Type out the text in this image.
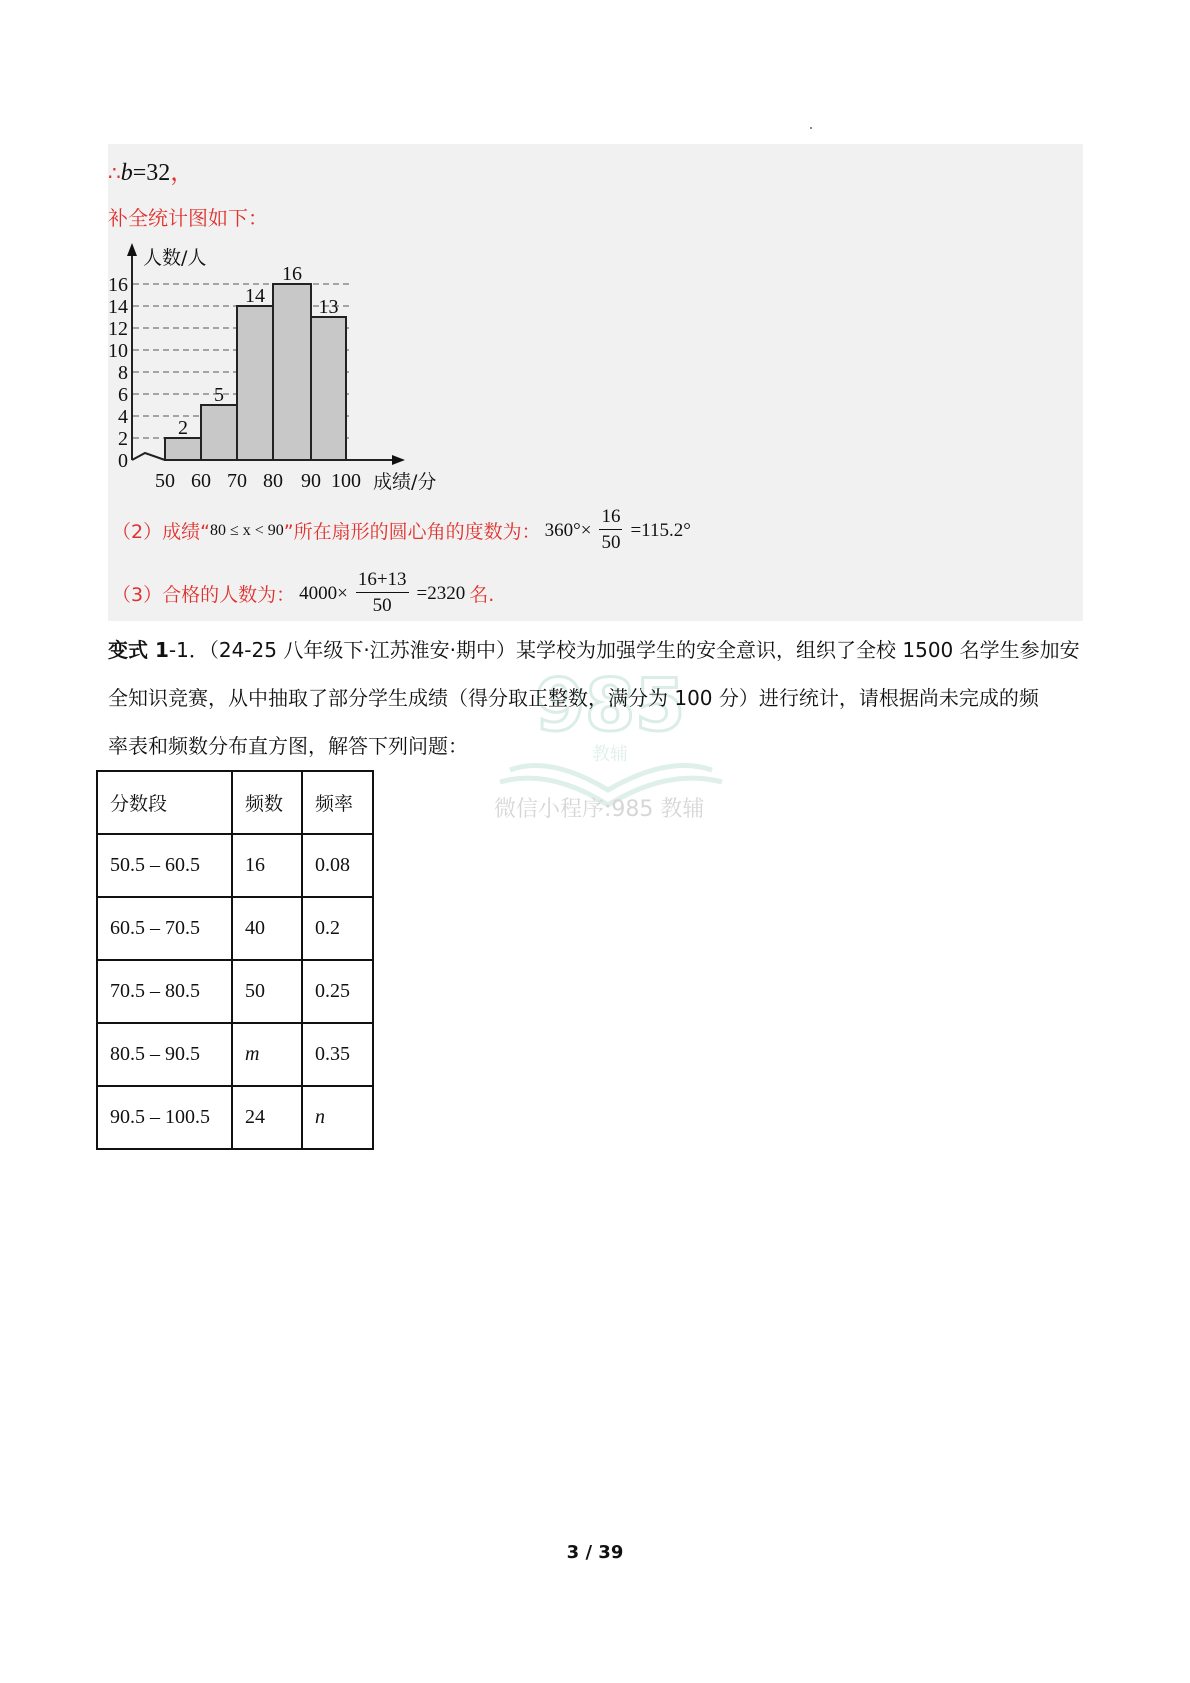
∴b=32，
补全统计图如下：
2
5
14
16
13
0
2
4
6
8
10
12
14
16
50 60 70 80 90 100
人数/人
成绩/分
（2）成绩“ 80 ≤ x < 90 ”所在扇形的圆心角的度数为： $360^\circ\times \frac{16}{50} =115.2^\circ$
（3）合格的人数为： $4000\times \frac{16+13}{50} =2320$ 名.
985
教辅
微信小程序:985 教辅
变式 1-1．（24-25 八年级下·江苏淮安·期中）某学校为加强学生的安全意识，组织了全校 1500 名学生参加安
全知识竞赛，从中抽取了部分学生成绩（得分取正整数，满分为 100 分）进行统计，请根据尚未完成的频
率表和频数分布直方图，解答下列问题：
分数段	频数	频率
50.5 – 60.5	16	0.08
60.5 – 70.5	40	0.2
70.5 – 80.5	50	0.25
80.5 – 90.5	m	0.35
90.5 – 100.5	24	n
3 / 39
